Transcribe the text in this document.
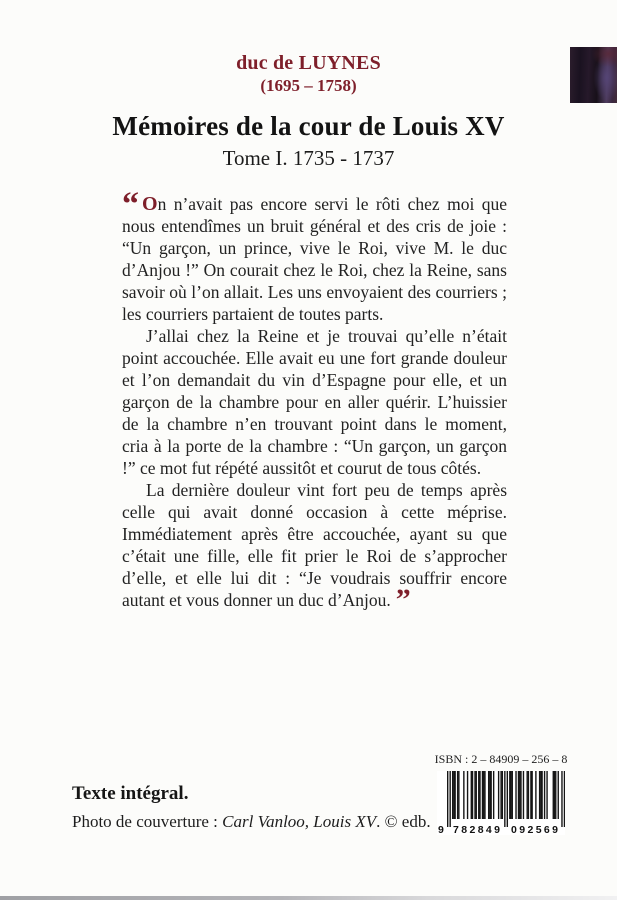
duc de LUYNES
(1695 – 1758)
Mémoires de la cour de Louis XV
Tome I. 1735 - 1737

“ On n’avait pas encore servi le rôti chez moi que nous entendîmes un bruit général et des cris de joie : “Un garçon, un prince, vive le Roi, vive M. le duc d’Anjou !” On courait chez le Roi, chez la Reine, sans savoir où l’on allait. Les uns envoyaient des courriers ; les courriers partaient de toutes parts.

J’allai chez la Reine et je trouvai qu’elle n’était point accouchée. Elle avait eu une fort grande douleur et l’on demandait du vin d’Espagne pour elle, et un garçon de la chambre pour en aller quérir. L’huissier de la chambre n’en trouvant point dans le moment, cria à la porte de la chambre : “Un garçon, un garçon !” ce mot fut répété aussitôt et courut de tous côtés.

La dernière douleur vint fort peu de temps après celle qui avait donné occasion à cette méprise. Immédiatement après être accouchée, ayant su que c’était une fille, elle fit prier le Roi de s’approcher d’elle, et elle lui dit : “Je voudrais souffrir encore autant et vous donner un duc d’Anjou. ”

ISBN : 2 – 84909 – 256 – 8
9 782849 092569
Texte intégral.
Photo de couverture : Carl Vanloo, Louis XV. © edb.
